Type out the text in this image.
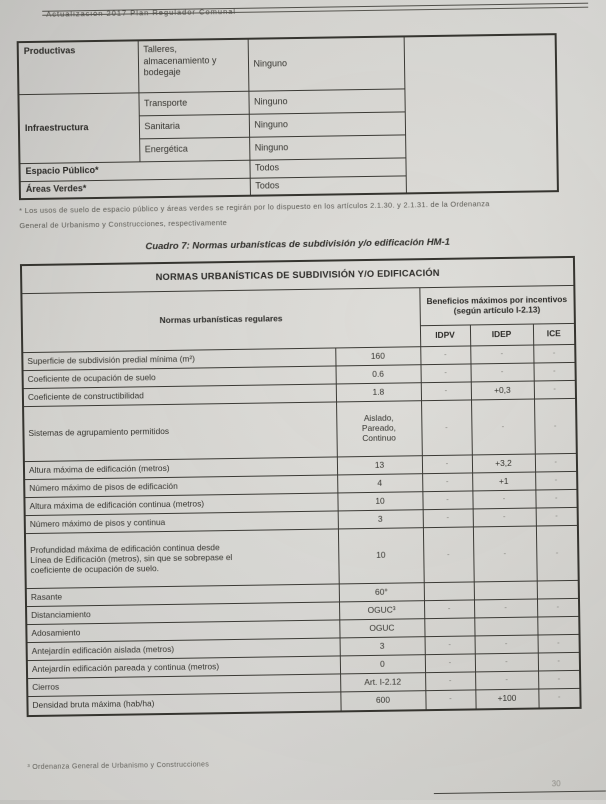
Actualización 2017 Plan Regulador Comunal

Productivas	Talleres, almacenamiento y bodegaje	Ninguno	
Infraestructura	Transporte	Ninguno	
	Sanitaria	Ninguno	
	Energética	Ninguno	
Espacio Público*		Todos	
Áreas Verdes*		Todos	

* Los usos de suelo de espacio público y áreas verdes se regirán por lo dispuesto en los artículos 2.1.30. y 2.1.31. de la Ordenanza
General de Urbanismo y Construcciones, respectivamente

Cuadro 7: Normas urbanísticas de subdivisión y/o edificación HM-1

NORMAS URBANÍSTICAS DE SUBDIVISIÓN Y/O EDIFICACIÓN				
Normas urbanísticas regulares		Beneficios máximos por incentivos (según artículo I-2.13)		
		IDPV	IDEP	ICE
Superficie de subdivisión predial mínima (m²)	160	-	-	-
Coeficiente de ocupación de suelo	0.6	-	-	-
Coeficiente de constructibilidad	1.8	-	+0,3	-
Sistemas de agrupamiento permitidos	Aislado,
Pareado,
Continuo	-	-	-
Altura máxima de edificación (metros)	13	-	+3,2	-
Número máximo de pisos de edificación	4	-	+1	-
Altura máxima de edificación continua (metros)	10	-	-	-
Número máximo de pisos y continua	3	-	-	-
Profundidad máxima de edificación continua desde
Línea de Edificación (metros), sin que se sobrepase el
coeficiente de ocupación de suelo.	10	-	-	-
Rasante	60°			
Distanciamiento	OGUC³	-	-	-
Adosamiento	OGUC			
Antejardín edificación aislada (metros)	3	-	-	-
Antejardín edificación pareada y continua (metros)	0	-	-	-
Cierros	Art. I-2.12	-	-	-
Densidad bruta máxima (hab/ha)	600	-	+100	-

³ Ordenanza General de Urbanismo y Construcciones

30
